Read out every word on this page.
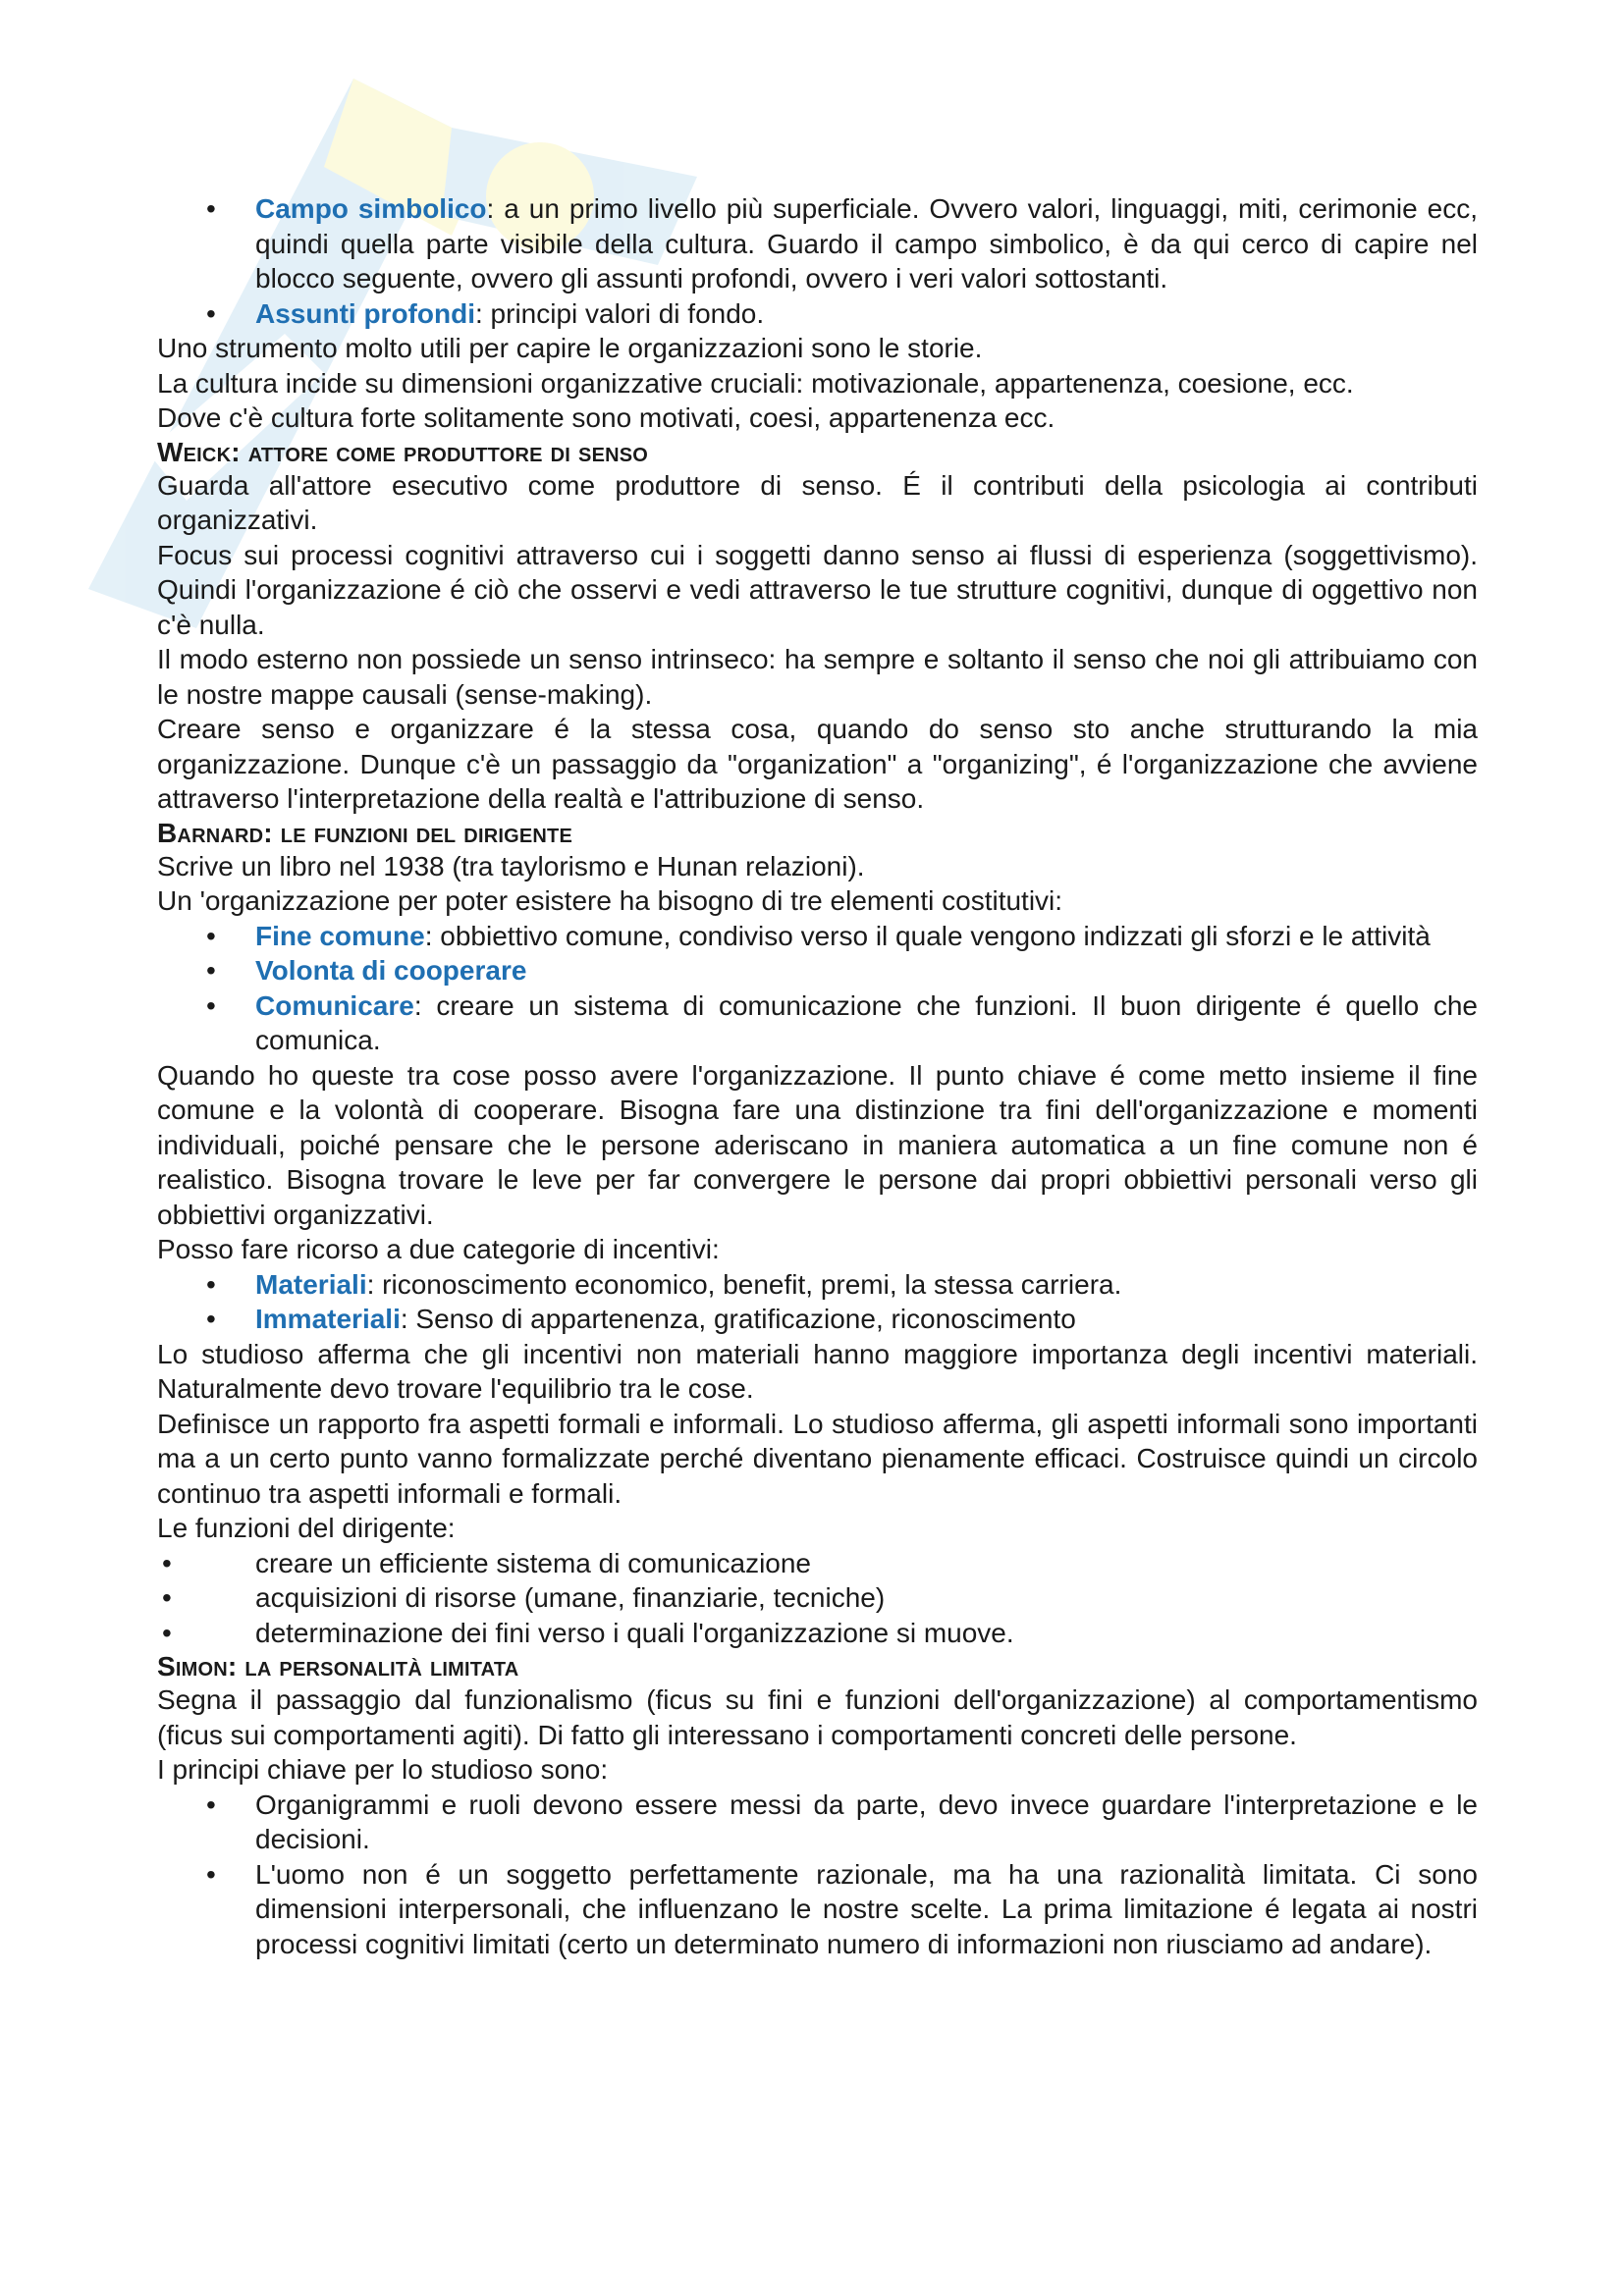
• Campo simbolico: a un primo livello più superficiale. Ovvero valori, linguaggi, miti, cerimonie ecc, quindi quella parte visibile della cultura. Guardo il campo simbolico, è da qui cerco di capire nel blocco seguente, ovvero gli assunti profondi, ovvero i veri valori sottostanti.
• Assunti profondi: principi valori di fondo.

Uno strumento molto utili per capire le organizzazioni sono le storie.

La cultura incide su dimensioni organizzative cruciali: motivazionale, appartenenza, coesione, ecc.

Dove c'è cultura forte solitamente sono motivati, coesi, appartenenza ecc.

Weick: attore come produttore di senso

Guarda all'attore esecutivo come produttore di senso. É il contributi della psicologia ai contributi organizzativi.

Focus sui processi cognitivi attraverso cui i soggetti danno senso ai flussi di esperienza (soggettivismo). Quindi l'organizzazione é ciò che osservi e vedi attraverso le tue strutture cognitivi, dunque di oggettivo non c'è nulla.

Il modo esterno non possiede un senso intrinseco: ha sempre e soltanto il senso che noi gli attribuiamo con le nostre mappe causali (sense-making).

Creare senso e organizzare é la stessa cosa, quando do senso sto anche strutturando la mia organizzazione. Dunque c'è un passaggio da "organization" a "organizing", é l'organizzazione che avviene attraverso l'interpretazione della realtà e l'attribuzione di senso.

Barnard: le funzioni del dirigente

Scrive un libro nel 1938 (tra taylorismo e Hunan relazioni).

Un 'organizzazione per poter esistere ha bisogno di tre elementi costitutivi:

• Fine comune: obbiettivo comune, condiviso verso il quale vengono indizzati gli sforzi e le attività
• Volonta di cooperare
• Comunicare: creare un sistema di comunicazione che funzioni. Il buon dirigente é quello che comunica.

Quando ho queste tra cose posso avere l'organizzazione. Il punto chiave é come metto insieme il fine comune e la volontà di cooperare. Bisogna fare una distinzione tra fini dell'organizzazione e momenti individuali, poiché pensare che le persone aderiscano in maniera automatica a un fine comune non é realistico. Bisogna trovare le leve per far convergere le persone dai propri obbiettivi personali verso gli obbiettivi organizzativi.

Posso fare ricorso a due categorie di incentivi:

• Materiali: riconoscimento economico, benefit, premi, la stessa carriera.
• Immateriali: Senso di appartenenza, gratificazione, riconoscimento

Lo studioso afferma che gli incentivi non materiali hanno maggiore importanza degli incentivi materiali. Naturalmente devo trovare l'equilibrio tra le cose.

Definisce un rapporto fra aspetti formali e informali. Lo studioso afferma, gli aspetti informali sono importanti ma a un certo punto vanno formalizzate perché diventano pienamente efficaci. Costruisce quindi un circolo continuo tra aspetti informali e formali.

Le funzioni del dirigente:

• creare un efficiente sistema di comunicazione
• acquisizioni di risorse (umane, finanziarie, tecniche)
• determinazione dei fini verso i quali l'organizzazione si muove.
Simon: la personalità limitata

Segna il passaggio dal funzionalismo (ficus su fini e funzioni dell'organizzazione) al comportamentismo (ficus sui comportamenti agiti). Di fatto gli interessano i comportamenti concreti delle persone.

I principi chiave per lo studioso sono:

• Organigrammi e ruoli devono essere messi da parte, devo invece guardare l'interpretazione e le decisioni.
• L'uomo non é un soggetto perfettamente razionale, ma ha una razionalità limitata. Ci sono dimensioni interpersonali, che influenzano le nostre scelte. La prima limitazione é legata ai nostri processi cognitivi limitati (certo un determinato numero di informazioni non riusciamo ad andare).
